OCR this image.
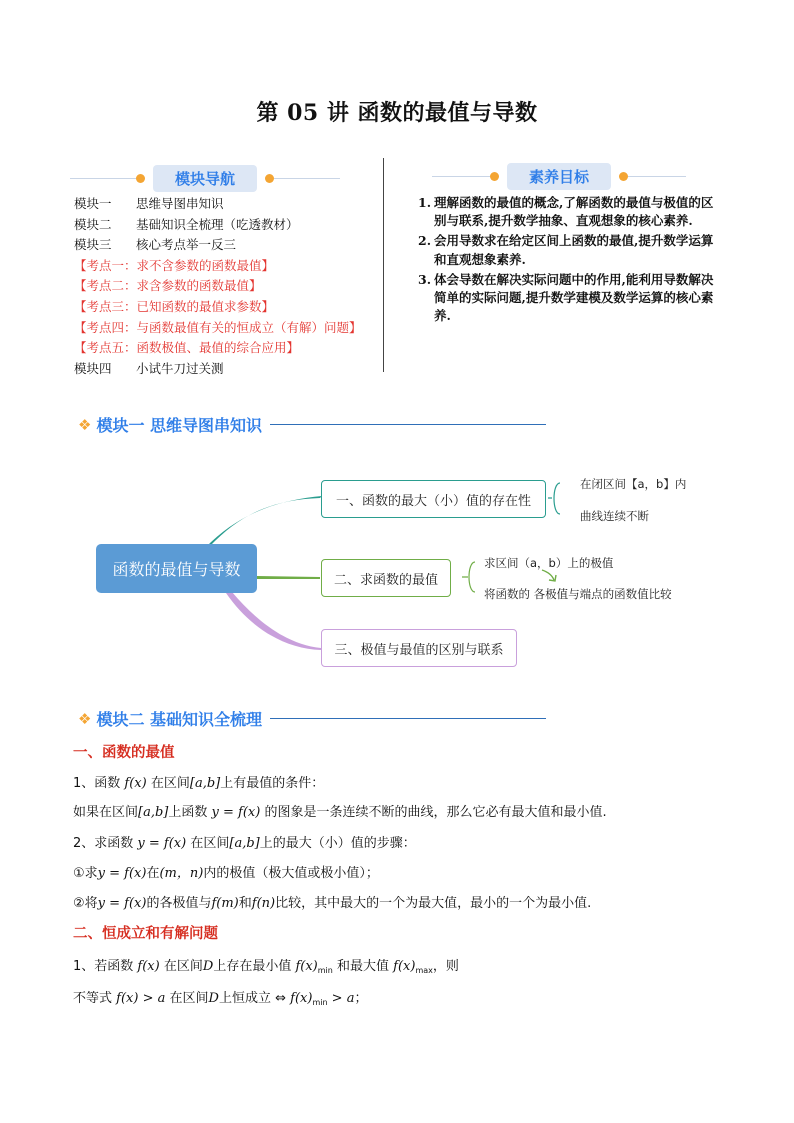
第 05 讲 函数的最值与导数
模块导航
模块一	思维导图串知识
模块二	基础知识全梳理（吃透教材）
模块三	核心考点举一反三
【考点一：求不含参数的函数最值】
【考点二：求含参数的函数最值】
【考点三：已知函数的最值求参数】
【考点四：与函数最值有关的恒成立（有解）问题】
【考点五：函数极值、最值的综合应用】
模块四	小试牛刀过关测
素养目标
1. 理解函数的最值的概念,了解函数的最值与极值的区别与联系,提升数学抽象、直观想象的核心素养.
2. 会用导数求在给定区间上函数的最值,提升数学运算和直观想象素养.
3. 体会导数在解决实际问题中的作用,能利用导数解决简单的实际问题,提升数学建模及数学运算的核心素养.
❖ 模块一 思维导图串知识
函数的最值与导数
一、函数的最大（小）值的存在性
二、求函数的最值
三、极值与最值的区别与联系
在闭区间【a，b】内
曲线连续不断
求区间（a，b）上的极值
将函数的 各极值与端点的函数值比较
❖ 模块二 基础知识全梳理
一、函数的最值
1、函数 f(x) 在区间[a,b]上有最值的条件：
如果在区间[a,b]上函数 y = f(x) 的图象是一条连续不断的曲线，那么它必有最大值和最小值.
2、求函数 y = f(x) 在区间[a,b]上的最大（小）值的步骤：
①求y = f(x)在(m，n)内的极值（极大值或极小值）；
②将y = f(x)的各极值与f(m)和f(n)比较，其中最大的一个为最大值，最小的一个为最小值.
二、恒成立和有解问题
1、若函数 f(x) 在区间D上存在最小值 $f(x)_{min}$ 和最大值 $f(x)_{max}$，则
不等式 f(x) > a 在区间D上恒成立 ⇔ $f(x)_{min} > a$；
